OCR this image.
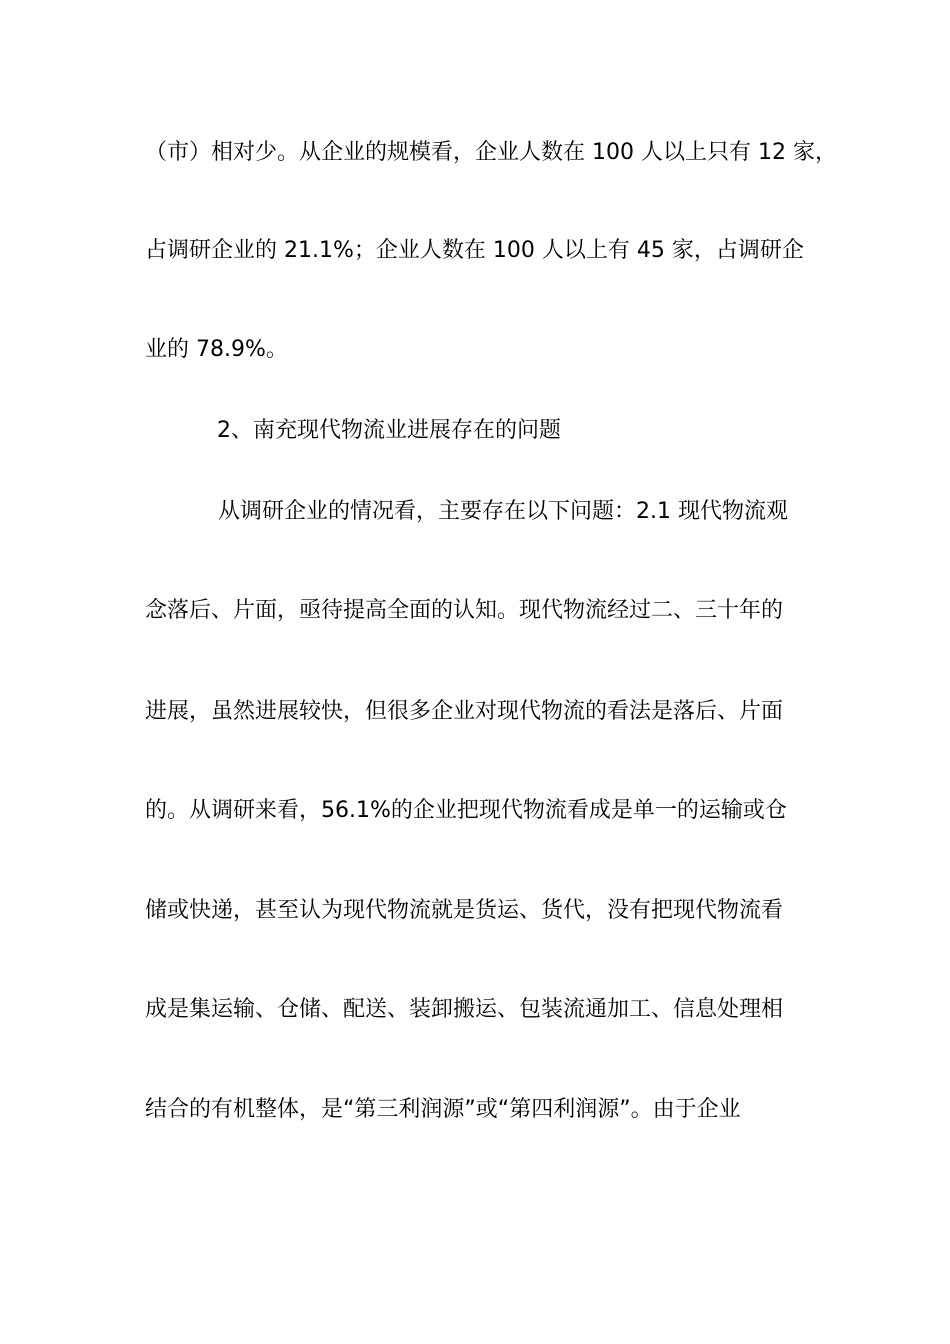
（市）相对少。从企业的规模看，企业人数在 100 人以上只有 12 家，
占调研企业的 21.1%；企业人数在 100 人以上有 45 家，占调研企
业的 78.9%。
2、南充现代物流业进展存在的问题
从调研企业的情况看，主要存在以下问题：2.1 现代物流观
念落后、片面，亟待提高全面的认知。现代物流经过二、三十年的
进展，虽然进展较快，但很多企业对现代物流的看法是落后、片面
的。从调研来看，56.1%的企业把现代物流看成是单一的运输或仓
储或快递，甚至认为现代物流就是货运、货代，没有把现代物流看
成是集运输、仓储、配送、装卸搬运、包装流通加工、信息处理相
结合的有机整体，是“第三利润源”或“第四利润源”。由于企业
